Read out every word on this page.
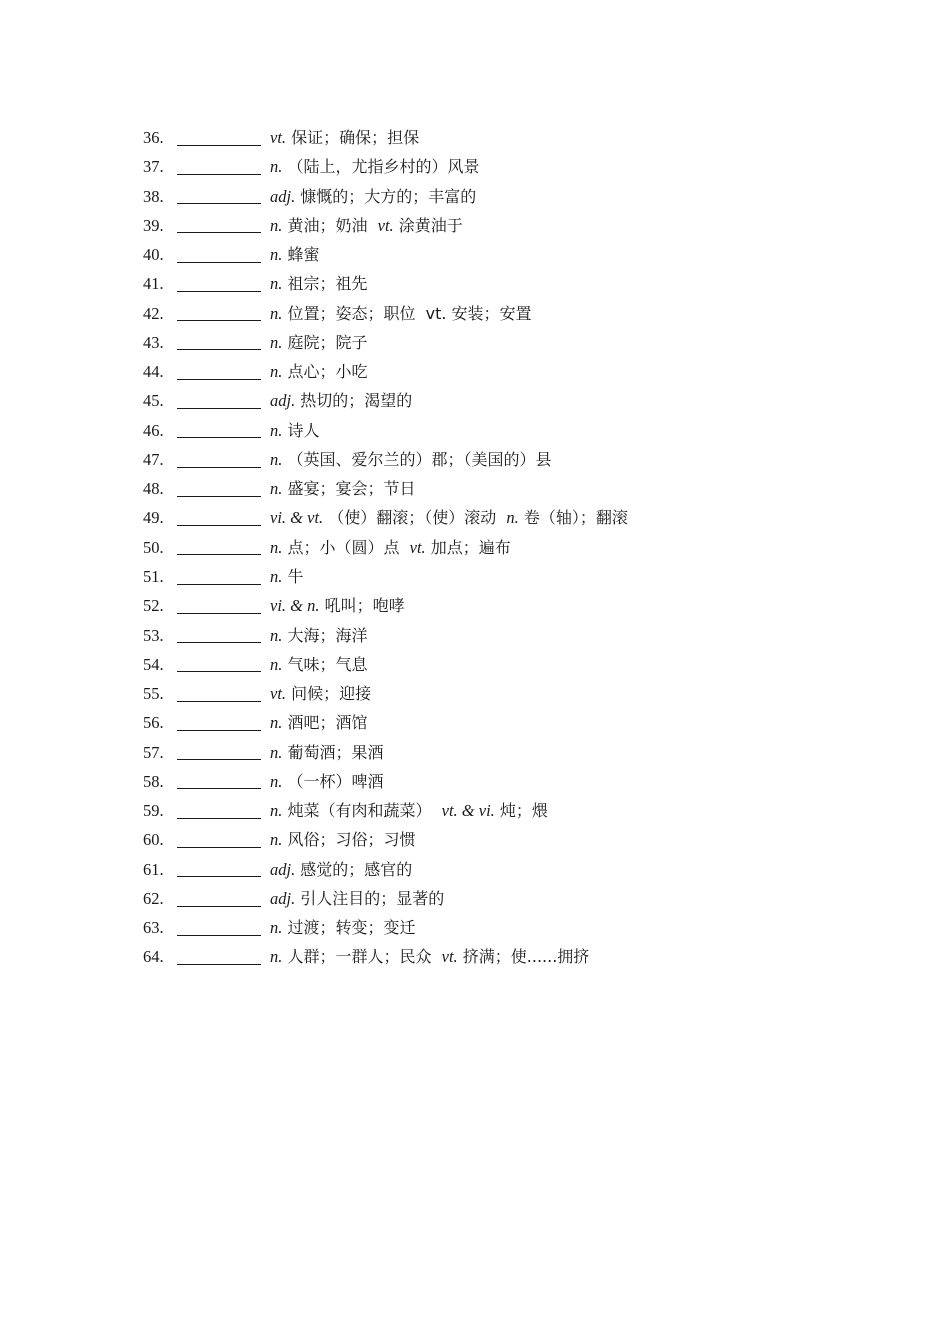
36.	vt. 保证；确保；担保
37.	n. （陆上，尤指乡村的）风景
38.	adj. 慷慨的；大方的；丰富的
39.	n. 黄油；奶油  vt. 涂黄油于
40.	n. 蜂蜜
41.	n. 祖宗；祖先
42.	n. 位置；姿态；职位  vt. 安装；安置
43.	n. 庭院；院子
44.	n. 点心；小吃
45.	adj. 热切的；渴望的
46.	n. 诗人
47.	n. （英国、爱尔兰的）郡；（美国的）县
48.	n. 盛宴；宴会；节日
49.	vi. & vt. （使）翻滚；（使）滚动  n. 卷（轴）；翻滚
50.	n. 点；小（圆）点  vt. 加点；遍布
51.	n. 牛
52.	vi. & n. 吼叫；咆哮
53.	n. 大海；海洋
54.	n. 气味；气息
55.	vt. 问候；迎接
56.	n. 酒吧；酒馆
57.	n. 葡萄酒；果酒
58.	n. （一杯）啤酒
59.	n. 炖菜（有肉和蔬菜）  vt. & vi. 炖；煨
60.	n. 风俗；习俗；习惯
61.	adj. 感觉的；感官的
62.	adj. 引人注目的；显著的
63.	n. 过渡；转变；变迁
64.	n. 人群；一群人；民众  vt. 挤满；使......拥挤
